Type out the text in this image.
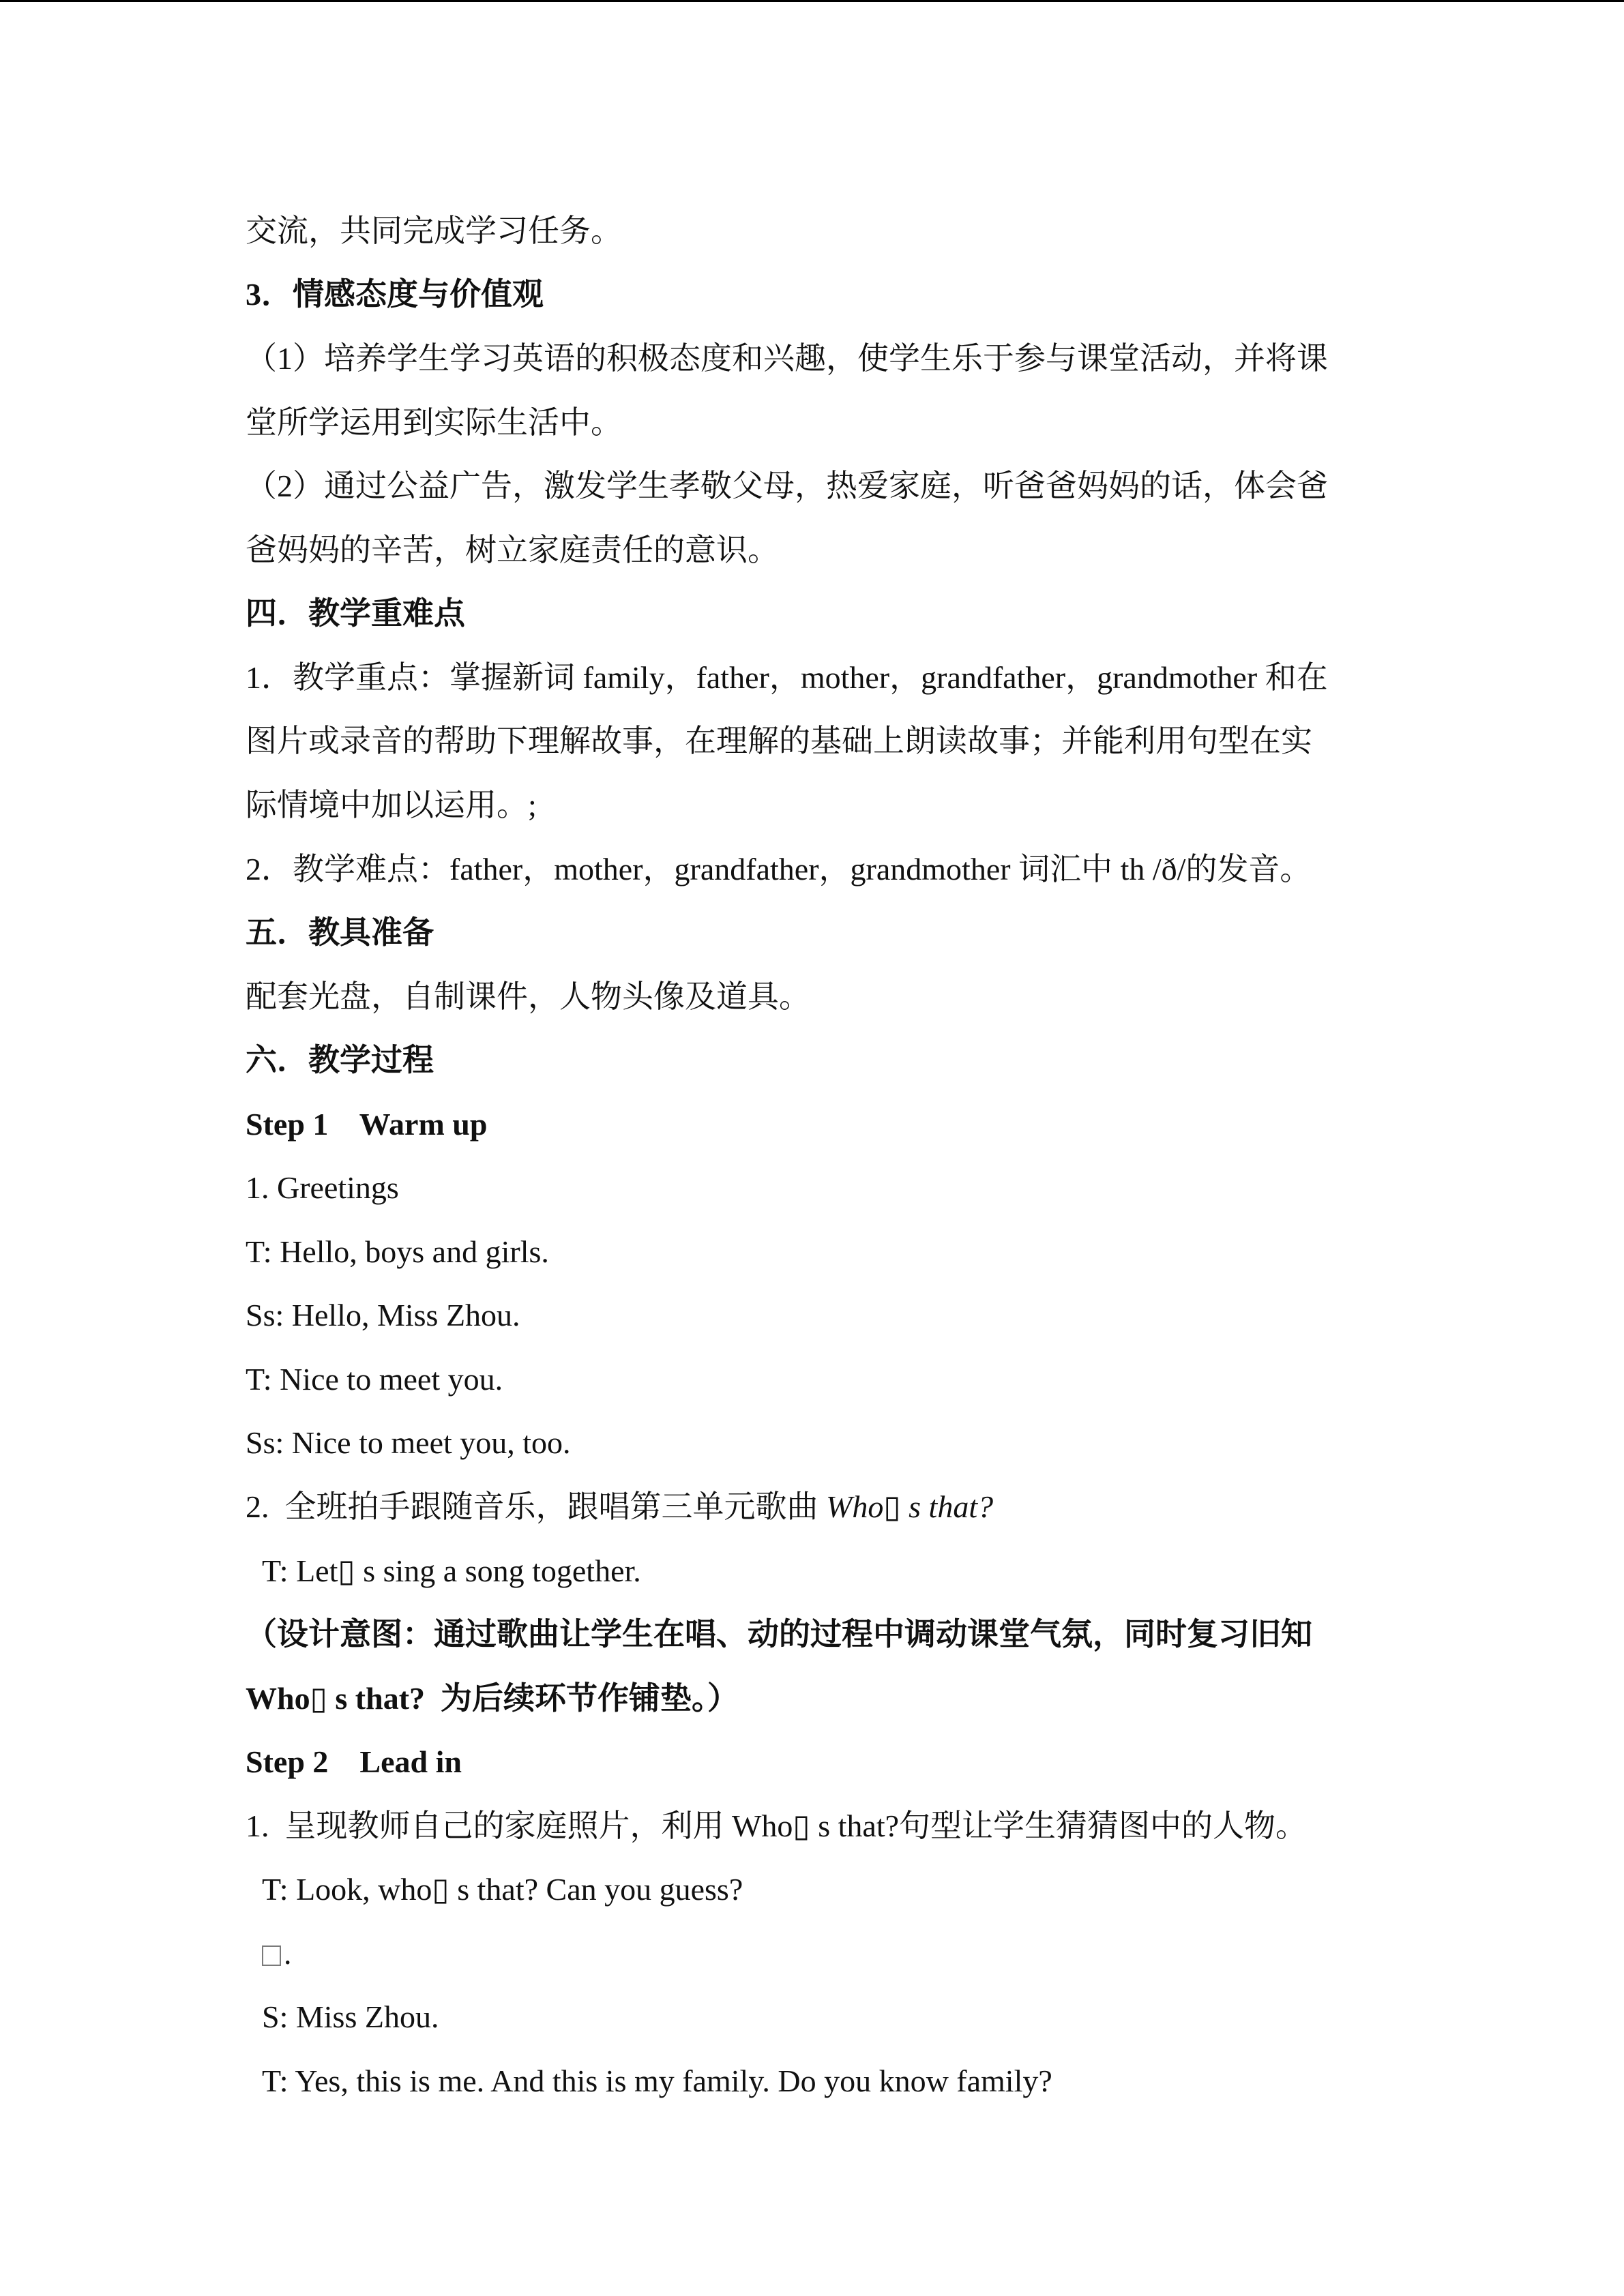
交流，共同完成学习任务。

3．情感态度与价值观

（1）培养学生学习英语的积极态度和兴趣，使学生乐于参与课堂活动，并将课

堂所学运用到实际生活中。

（2）通过公益广告，激发学生孝敬父母，热爱家庭，听爸爸妈妈的话，体会爸

爸妈妈的辛苦，树立家庭责任的意识。

四．教学重难点

1．教学重点：掌握新词 family，father，mother，grandfather，grandmother 和在

图片或录音的帮助下理解故事，在理解的基础上朗读故事；并能利用句型在实

际情境中加以运用。;

2．教学难点：father，mother，grandfather，grandmother 词汇中 th /ð/的发音。

五．教具准备

配套光盘，自制课件，人物头像及道具。

六．教学过程

Step 1    Warm up

1. Greetings

T: Hello, boys and girls.

Ss: Hello, Miss Zhou.

T: Nice to meet you.

Ss: Nice to meet you, too.

2.  全班拍手跟随音乐，跟唱第三单元歌曲 Who▯ s that?

T: Let▯ s sing a song together.

（设计意图：通过歌曲让学生在唱、动的过程中调动课堂气氛，同时复习旧知

Who▯ s that?  为后续环节作铺垫。）

Step 2    Lead in

1.  呈现教师自己的家庭照片，利用 Who▯ s that?句型让学生猜猜图中的人物。

T: Look, who▯ s that? Can you guess?

.

S: Miss Zhou.

T: Yes, this is me. And this is my family. Do you know family?
